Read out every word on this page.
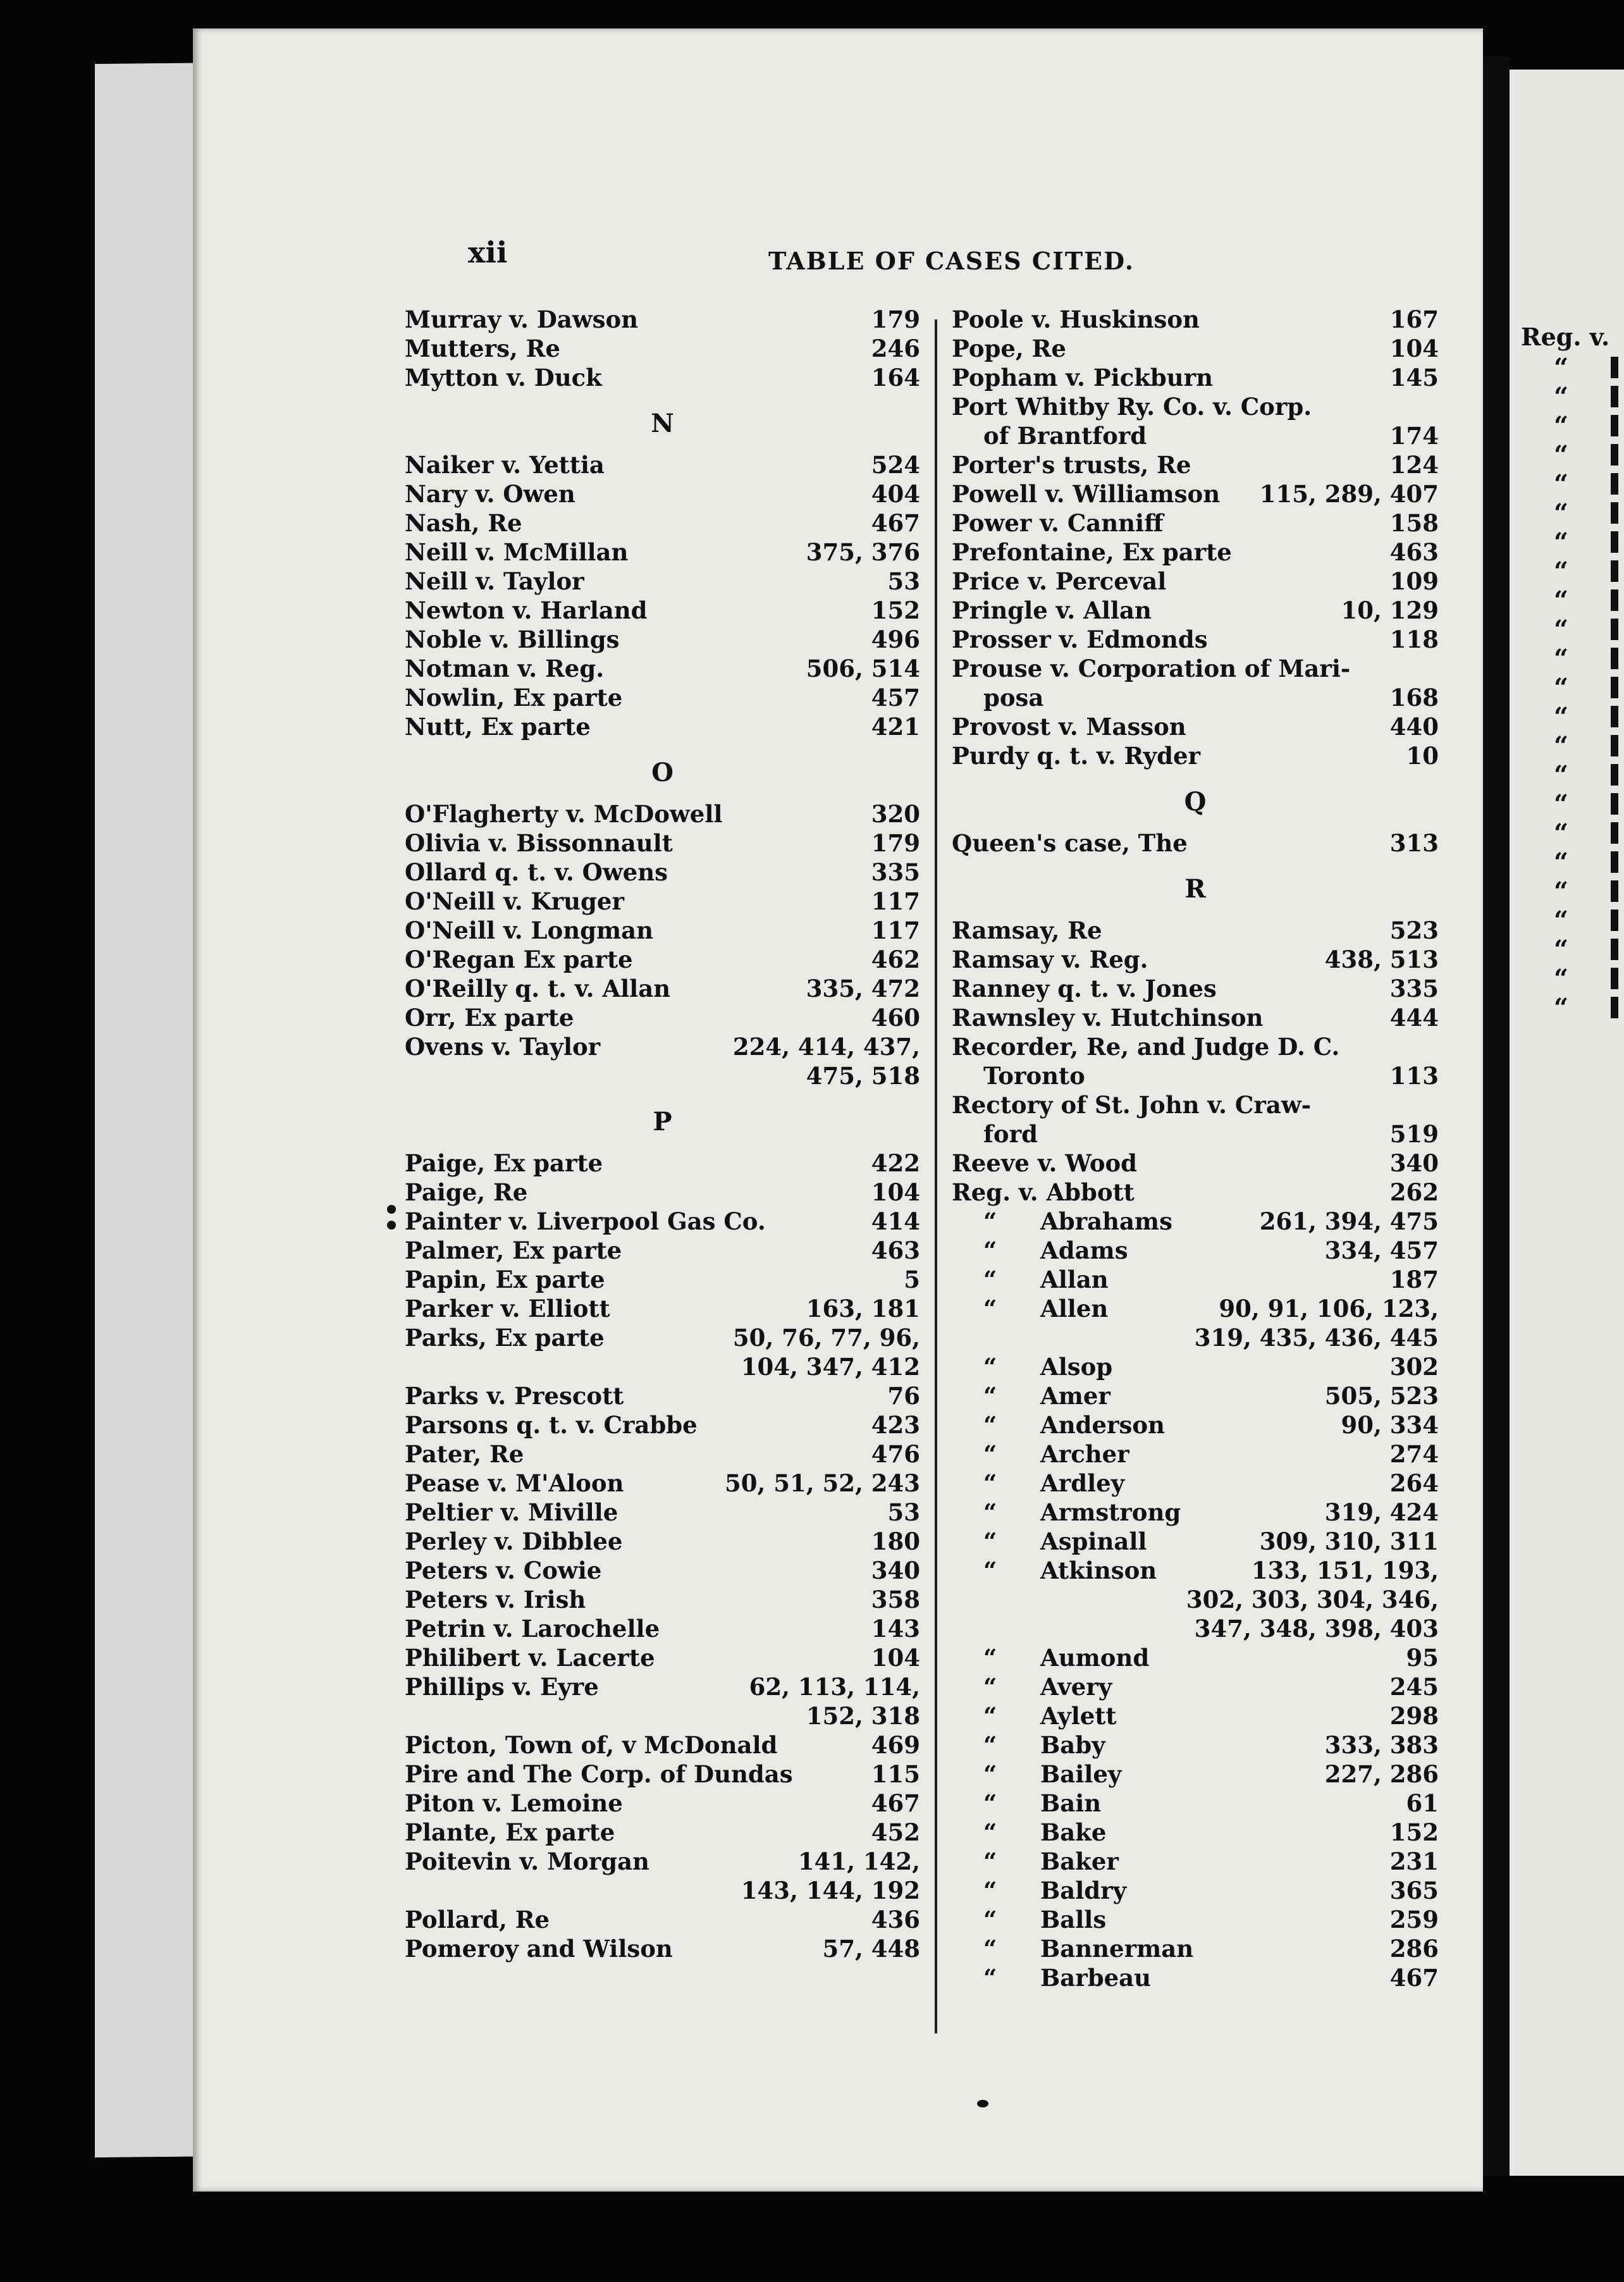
Reg. v.
“
“
“
“
“
“
“
“
“
“
“
“
“
“
“
“
“
“
“
“
“
“
“
xii	TABLE OF CASES CITED.
Murray v. Dawson	179
Mutters, Re	246
Mytton v. Duck	164
N
Naiker v. Yettia	524
Nary v. Owen	404
Nash, Re	467
Neill v. McMillan	375, 376
Neill v. Taylor	53
Newton v. Harland	152
Noble v. Billings	496
Notman v. Reg.	506, 514
Nowlin, Ex parte	457
Nutt, Ex parte	421
O
O'Flagherty v. McDowell	320
Olivia v. Bissonnault	179
Ollard q. t. v. Owens	335
O'Neill v. Kruger	117
O'Neill v. Longman	117
O'Regan Ex parte	462
O'Reilly q. t. v. Allan	335, 472
Orr, Ex parte	460
Ovens v. Taylor	224, 414, 437,
475, 518
P
Paige, Ex parte	422
Paige, Re	104
Painter v. Liverpool Gas Co.	414
Palmer, Ex parte	463
Papin, Ex parte	5
Parker v. Elliott	163, 181
Parks, Ex parte	50, 76, 77, 96,
104, 347, 412
Parks v. Prescott	76
Parsons q. t. v. Crabbe	423
Pater, Re	476
Pease v. M'Aloon	50, 51, 52, 243
Peltier v. Miville	53
Perley v. Dibblee	180
Peters v. Cowie	340
Peters v. Irish	358
Petrin v. Larochelle	143
Philibert v. Lacerte	104
Phillips v. Eyre	62, 113, 114,
152, 318
Picton, Town of, v McDonald	469
Pire and The Corp. of Dundas	115
Piton v. Lemoine	467
Plante, Ex parte	452
Poitevin v. Morgan	141, 142,
143, 144, 192
Pollard, Re	436
Pomeroy and Wilson	57, 448
Poole v. Huskinson	167
Pope, Re	104
Popham v. Pickburn	145
Port Whitby Ry. Co. v. Corp.
of Brantford	174
Porter's trusts, Re	124
Powell v. Williamson 115, 289, 407
Power v. Canniff	158
Prefontaine, Ex parte	463
Price v. Perceval	109
Pringle v. Allan	10, 129
Prosser v. Edmonds	118
Prouse v. Corporation of Mari-
posa	168
Provost v. Masson	440
Purdy q. t. v. Ryder	10
Q
Queen's case, The	313
R
Ramsay, Re	523
Ramsay v. Reg.	438, 513
Ranney q. t. v. Jones	335
Rawnsley v. Hutchinson	444
Recorder, Re, and Judge D. C.
Toronto	113
Rectory of St. John v. Craw-
ford	519
Reeve v. Wood	340
Reg. v. Abbott	262
“ Abrahams	261, 394, 475
“ Adams	334, 457
“ Allan	187
“ Allen	90, 91, 106, 123,
319, 435, 436, 445
“ Alsop	302
“ Amer	505, 523
“ Anderson	90, 334
“ Archer	274
“ Ardley	264
“ Armstrong	319, 424
“ Aspinall	309, 310, 311
“ Atkinson	133, 151, 193,
302, 303, 304, 346,
347, 348, 398, 403
“ Aumond	95
“ Avery	245
“ Aylett	298
“ Baby	333, 383
“ Bailey	227, 286
“ Bain	61
“ Bake	152
“ Baker	231
“ Baldry	365
“ Balls	259
“ Bannerman	286
“ Barbeau	467
